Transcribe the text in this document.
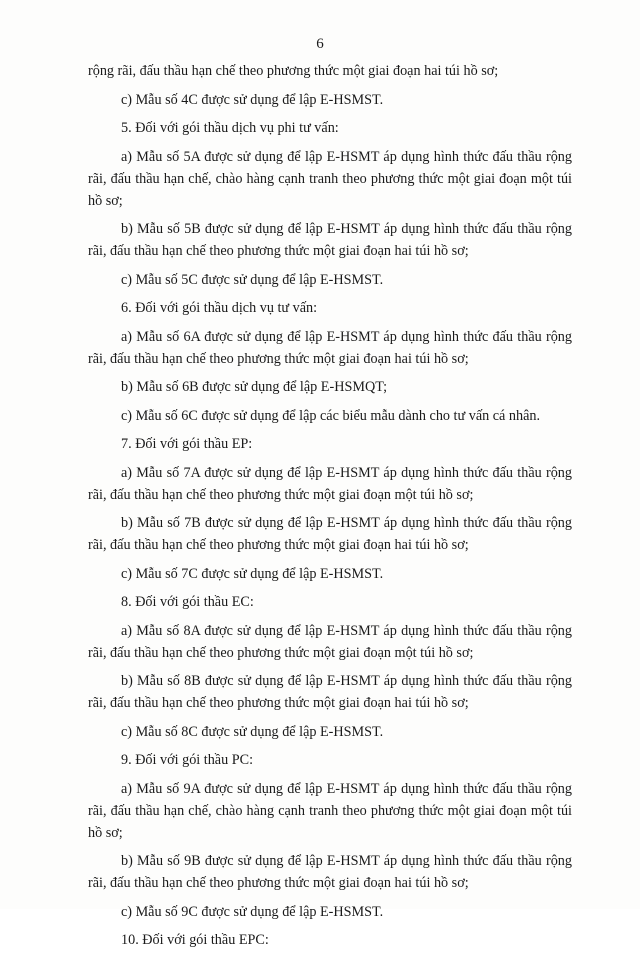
6

rộng rãi, đấu thầu hạn chế theo phương thức một giai đoạn hai túi hồ sơ;

c) Mẫu số 4C được sử dụng để lập E-HSMST.

5. Đối với gói thầu dịch vụ phi tư vấn:

a) Mẫu số 5A được sử dụng để lập E-HSMT áp dụng hình thức đấu thầu rộng rãi, đấu thầu hạn chế, chào hàng cạnh tranh theo phương thức một giai đoạn một túi hồ sơ;

b) Mẫu số 5B được sử dụng để lập E-HSMT áp dụng hình thức đấu thầu rộng rãi, đấu thầu hạn chế theo phương thức một giai đoạn hai túi hồ sơ;

c) Mẫu số 5C được sử dụng để lập E-HSMST.

6. Đối với gói thầu dịch vụ tư vấn:

a) Mẫu số 6A được sử dụng để lập E-HSMT áp dụng hình thức đấu thầu rộng rãi, đấu thầu hạn chế theo phương thức một giai đoạn hai túi hồ sơ;

b) Mẫu số 6B được sử dụng để lập E-HSMQT;

c) Mẫu số 6C được sử dụng để lập các biểu mẫu dành cho tư vấn cá nhân.

7. Đối với gói thầu EP:

a) Mẫu số 7A được sử dụng để lập E-HSMT áp dụng hình thức đấu thầu rộng rãi, đấu thầu hạn chế theo phương thức một giai đoạn một túi hồ sơ;

b) Mẫu số 7B được sử dụng để lập E-HSMT áp dụng hình thức đấu thầu rộng rãi, đấu thầu hạn chế theo phương thức một giai đoạn hai túi hồ sơ;

c) Mẫu số 7C được sử dụng để lập E-HSMST.

8. Đối với gói thầu EC:

a) Mẫu số 8A được sử dụng để lập E-HSMT áp dụng hình thức đấu thầu rộng rãi, đấu thầu hạn chế theo phương thức một giai đoạn một túi hồ sơ;

b) Mẫu số 8B được sử dụng để lập E-HSMT áp dụng hình thức đấu thầu rộng rãi, đấu thầu hạn chế theo phương thức một giai đoạn hai túi hồ sơ;

c) Mẫu số 8C được sử dụng để lập E-HSMST.

9. Đối với gói thầu PC:

a) Mẫu số 9A được sử dụng để lập E-HSMT áp dụng hình thức đấu thầu rộng rãi, đấu thầu hạn chế, chào hàng cạnh tranh theo phương thức một giai đoạn một túi hồ sơ;

b) Mẫu số 9B được sử dụng để lập E-HSMT áp dụng hình thức đấu thầu rộng rãi, đấu thầu hạn chế theo phương thức một giai đoạn hai túi hồ sơ;

c) Mẫu số 9C được sử dụng để lập E-HSMST.

10. Đối với gói thầu EPC:
